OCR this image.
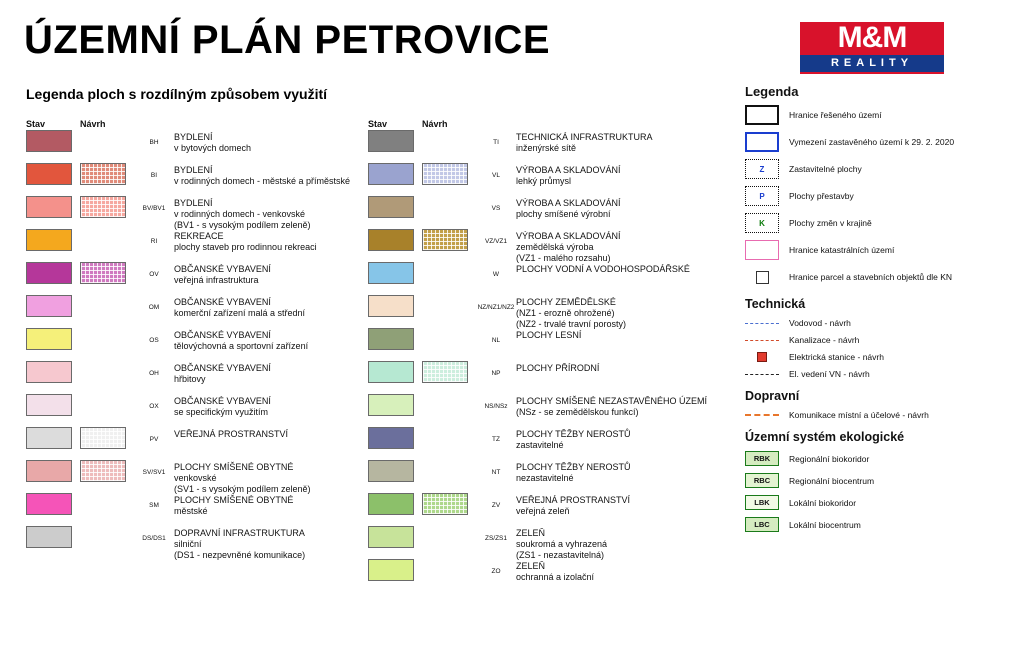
ÚZEMNÍ PLÁN PETROVICE
Legenda ploch s rozdílným způsobem využití
M&M
REALITY
Stav	Návrh	Stav	Návrh
BH
BYDLENÍ
v bytových domech
BI
BYDLENÍ
v rodinných domech - městské a příměstské
BV/BV1
BYDLENÍ
v rodinných domech - venkovské
(BV1 - s vysokým podílem zeleně)
RI
REKREACE
plochy staveb pro rodinnou rekreaci
OV
OBČANSKÉ VYBAVENÍ
veřejná infrastruktura
OM
OBČANSKÉ VYBAVENÍ
komerční zařízení malá a střední
OS
OBČANSKÉ VYBAVENÍ
tělovýchovná a sportovní zařízení
OH
OBČANSKÉ VYBAVENÍ
hřbitovy
OX
OBČANSKÉ VYBAVENÍ
se specifickým využitím
PV
VEŘEJNÁ PROSTRANSTVÍ
SV/SV1
PLOCHY SMÍŠENÉ OBYTNÉ
venkovské
(SV1 - s vysokým podílem zeleně)
SM
PLOCHY SMÍŠENÉ OBYTNÉ
městské
DS/DS1
DOPRAVNÍ INFRASTRUKTURA
silniční
(DS1 - nezpevněné komunikace)
TI
TECHNICKÁ INFRASTRUKTURA
inženýrské sítě
VL
VÝROBA A SKLADOVÁNÍ
lehký průmysl
VS
VÝROBA A SKLADOVÁNÍ
plochy smíšené výrobní
VZ/VZ1
VÝROBA A SKLADOVÁNÍ
zemědělská výroba
(VZ1 - malého rozsahu)
W
PLOCHY VODNÍ A VODOHOSPODÁŘSKÉ
NZ/NZ1/NZ2
PLOCHY ZEMĚDĚLSKÉ
(NZ1 - erozně ohrožené)
(NZ2 - trvalé travní porosty)
NL
PLOCHY LESNÍ
NP
PLOCHY PŘÍRODNÍ
NS/NSz
PLOCHY SMÍŠENÉ NEZASTAVĚNÉHO ÚZEMÍ
(NSz - se zemědělskou funkcí)
TZ
PLOCHY TĚŽBY NEROSTŮ
zastavitelné
NT
PLOCHY TĚŽBY NEROSTŮ
nezastavitelné
ZV
VEŘEJNÁ PROSTRANSTVÍ
veřejná zeleň
ZS/ZS1
ZELEŇ
soukromá a vyhrazená
(ZS1 - nezastavitelná)
ZO
ZELEŇ
ochranná a izolační
Legenda
Hranice řešeného území
Vymezení zastavěného území k 29. 2. 2020
Z	Zastavitelné plochy
P	Plochy přestavby
K	Plochy změn v krajině
Hranice katastrálních území
Hranice parcel a stavebních objektů dle KN
Technická
Vodovod - návrh
Kanalizace - návrh
Elektrická stanice - návrh
El. vedení VN - návrh
Dopravní
Komunikace místní a účelové - návrh
Územní systém ekologické
RBK	Regionální biokoridor
RBC	Regionální biocentrum
LBK	Lokální biokoridor
LBC	Lokální biocentrum
